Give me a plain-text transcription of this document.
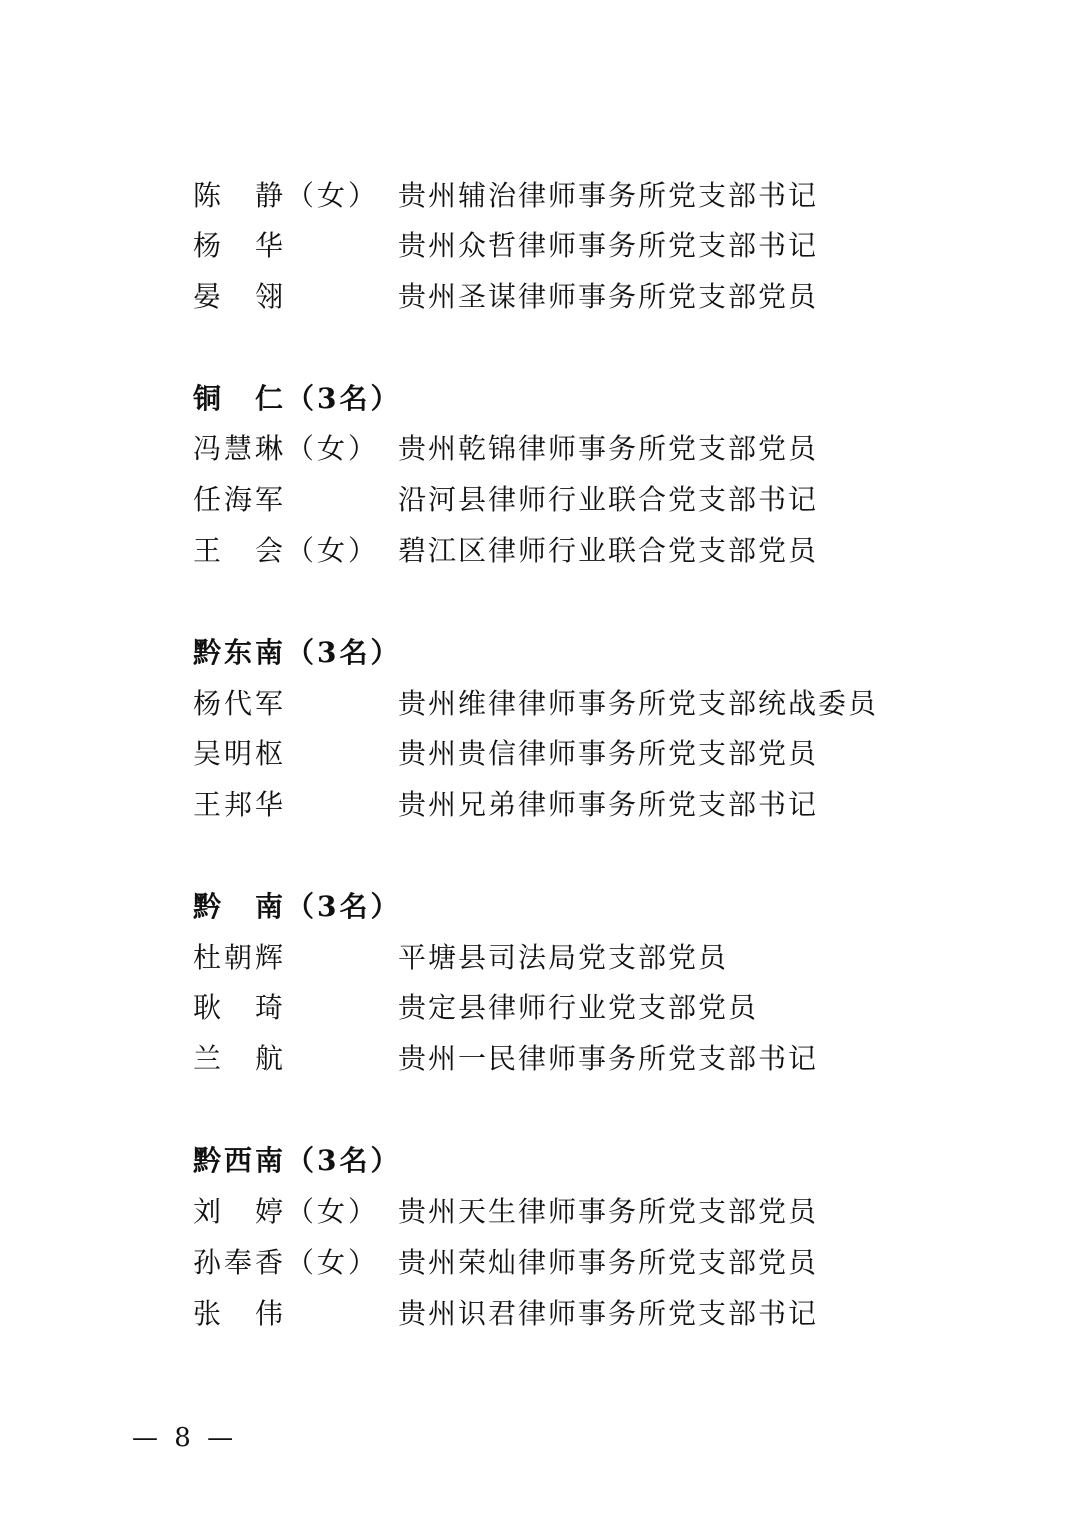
陈　静（女） 贵州辅治律师事务所党支部书记
杨　华	贵州众哲律师事务所党支部书记
晏　翎	贵州圣谋律师事务所党支部党员
铜　仁（3名）
冯慧琳（女） 贵州乾锦律师事务所党支部党员
任海军	沿河县律师行业联合党支部书记
王　会（女） 碧江区律师行业联合党支部党员
黔东南（3名）
杨代军	贵州维律律师事务所党支部统战委员
吴明枢	贵州贵信律师事务所党支部党员
王邦华	贵州兄弟律师事务所党支部书记
黔　南（3名）
杜朝辉	平塘县司法局党支部党员
耿　琦	贵定县律师行业党支部党员
兰　航	贵州一民律师事务所党支部书记
黔西南（3名）
刘　婷（女） 贵州天生律师事务所党支部党员
孙奉香（女） 贵州荣灿律师事务所党支部党员
张　伟	贵州识君律师事务所党支部书记
— 8 —
